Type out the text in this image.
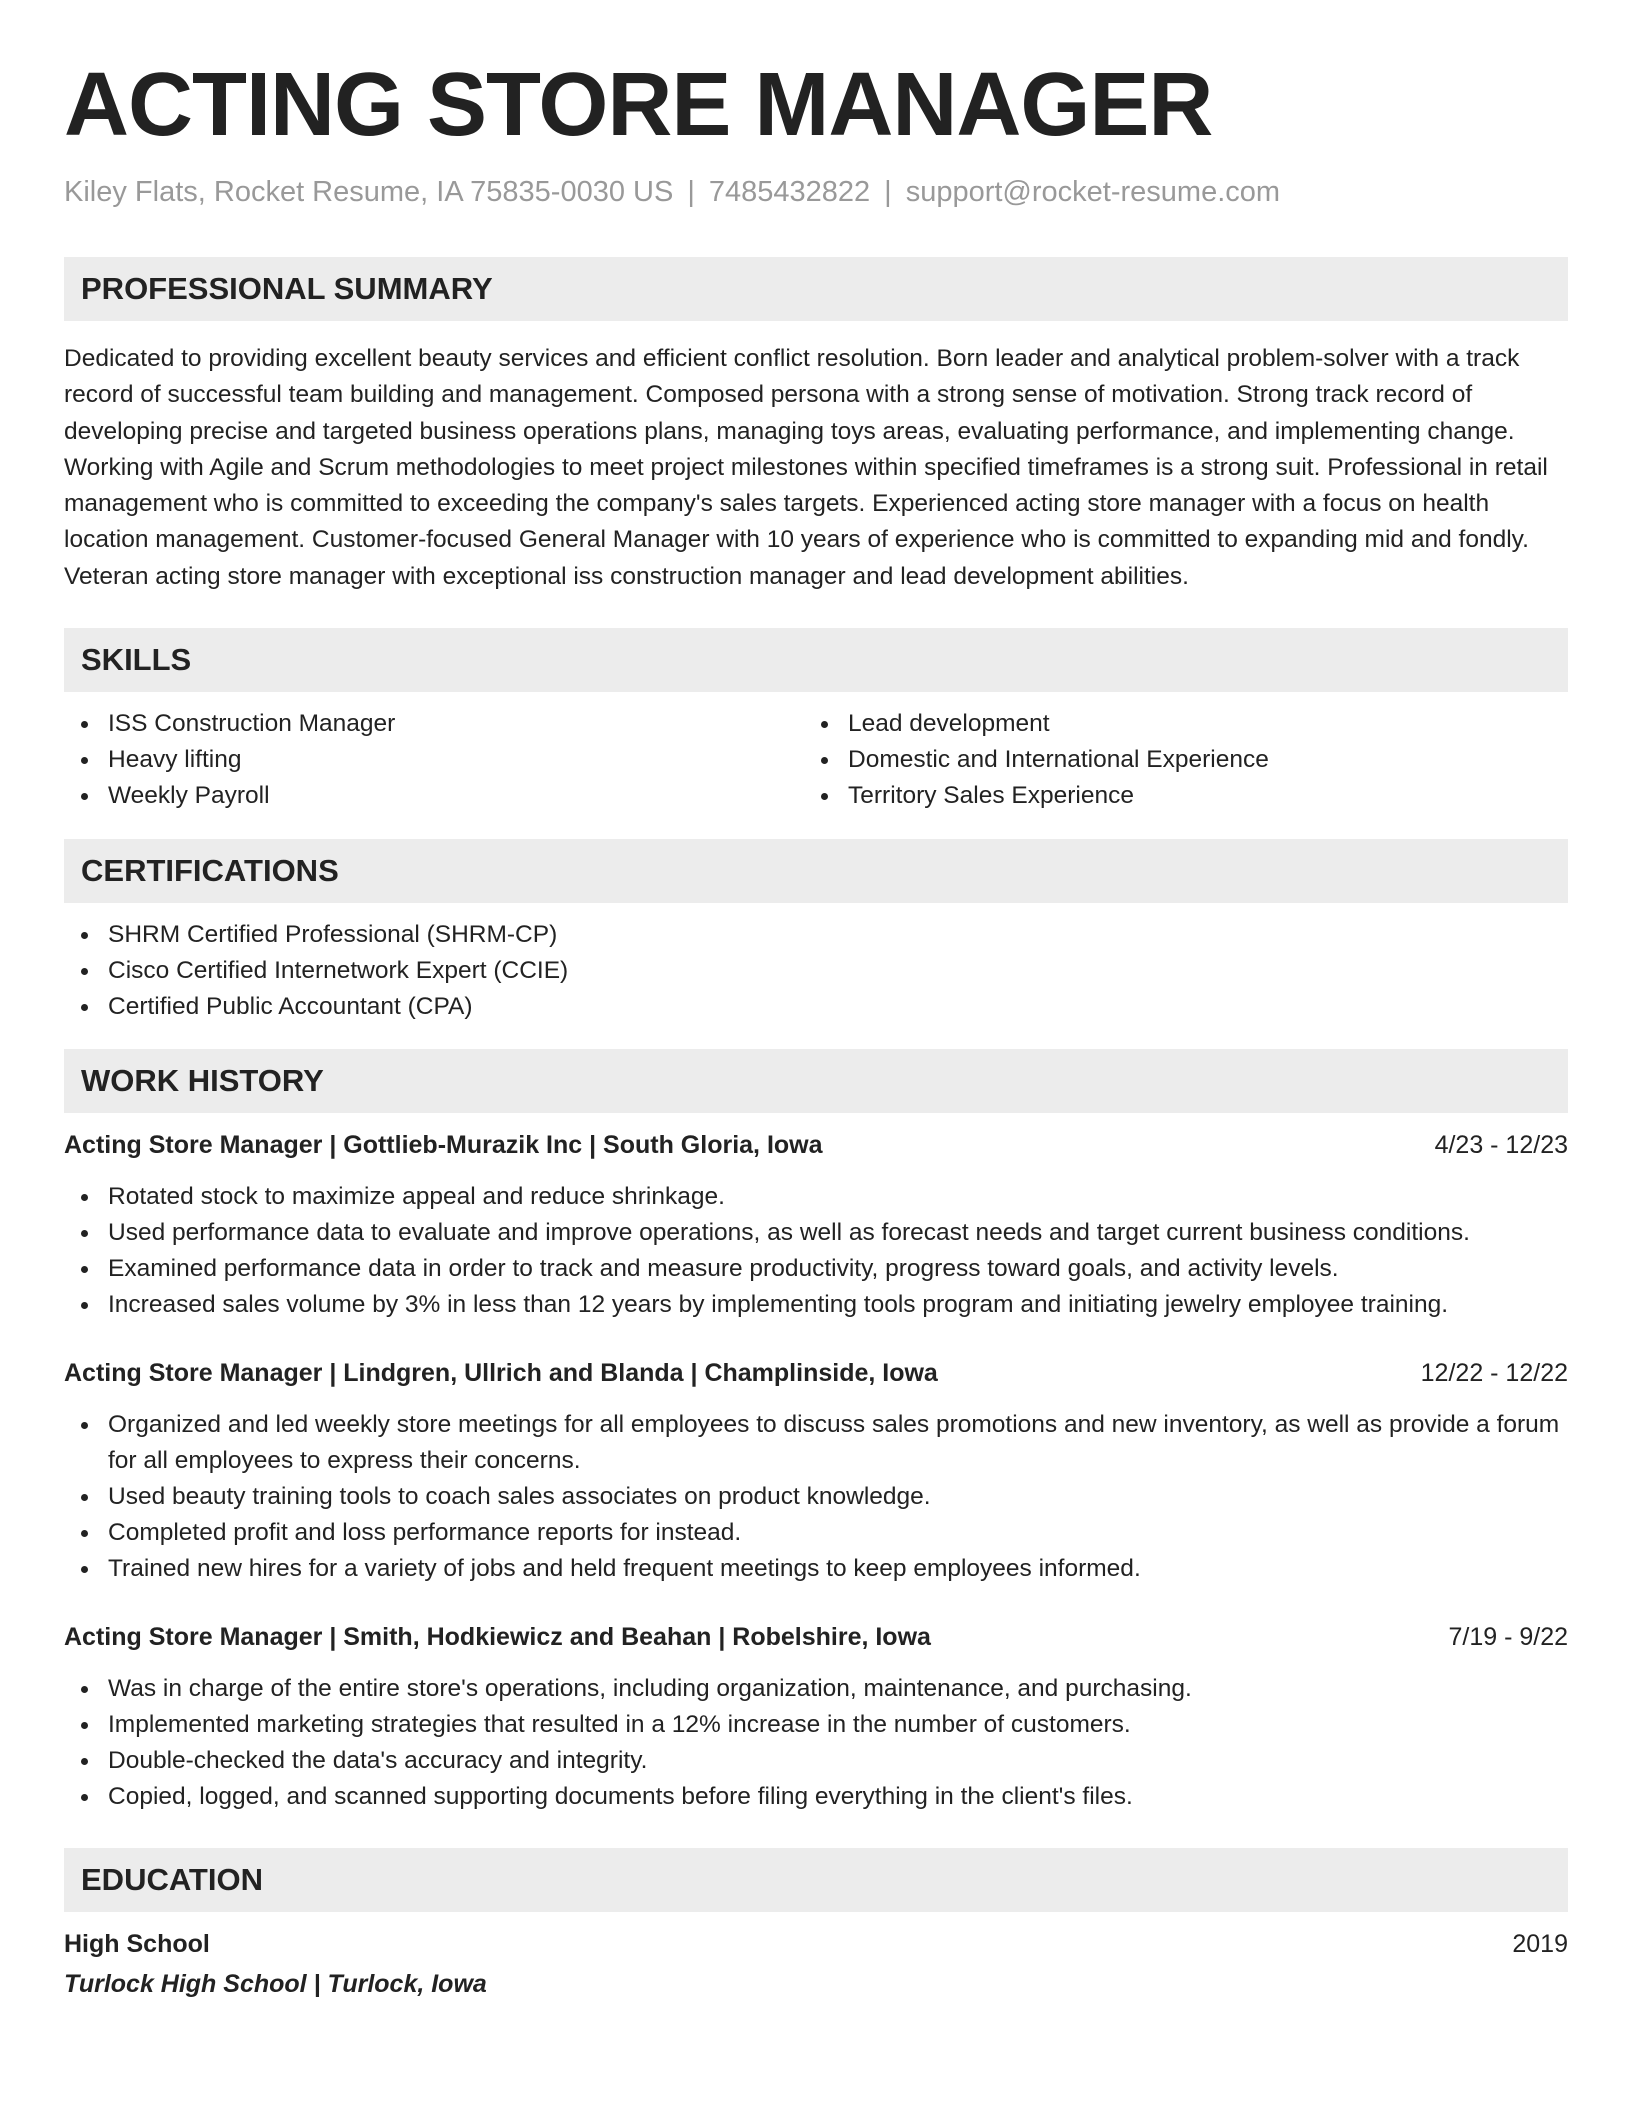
ACTING STORE MANAGER
Kiley Flats, Rocket Resume, IA 75835-0030 US | 7485432822 | support@rocket-resume.com
PROFESSIONAL SUMMARY

Dedicated to providing excellent beauty services and efficient conflict resolution. Born leader and analytical problem-solver with a track record of successful team building and management. Composed persona with a strong sense of motivation. Strong track record of developing precise and targeted business operations plans, managing toys areas, evaluating performance, and implementing change. Working with Agile and Scrum methodologies to meet project milestones within specified timeframes is a strong suit. Professional in retail management who is committed to exceeding the company's sales targets. Experienced acting store manager with a focus on health location management. Customer-focused General Manager with 10 years of experience who is committed to expanding mid and fondly. Veteran acting store manager with exceptional iss construction manager and lead development abilities.

SKILLS
ISS Construction Manager
Heavy lifting
Weekly Payroll
Lead development
Domestic and International Experience
Territory Sales Experience
CERTIFICATIONS
SHRM Certified Professional (SHRM-CP)
Cisco Certified Internetwork Expert (CCIE)
Certified Public Accountant (CPA)
WORK HISTORY
Acting Store Manager | Gottlieb-Murazik Inc | South Gloria, Iowa	4/23 - 12/23
Rotated stock to maximize appeal and reduce shrinkage.
Used performance data to evaluate and improve operations, as well as forecast needs and target current business conditions.
Examined performance data in order to track and measure productivity, progress toward goals, and activity levels.
Increased sales volume by 3% in less than 12 years by implementing tools program and initiating jewelry employee training.
Acting Store Manager | Lindgren, Ullrich and Blanda | Champlinside, Iowa	12/22 - 12/22
Organized and led weekly store meetings for all employees to discuss sales promotions and new inventory, as well as provide a forum for all employees to express their concerns.
Used beauty training tools to coach sales associates on product knowledge.
Completed profit and loss performance reports for instead.
Trained new hires for a variety of jobs and held frequent meetings to keep employees informed.
Acting Store Manager | Smith, Hodkiewicz and Beahan | Robelshire, Iowa	7/19 - 9/22
Was in charge of the entire store's operations, including organization, maintenance, and purchasing.
Implemented marketing strategies that resulted in a 12% increase in the number of customers.
Double-checked the data's accuracy and integrity.
Copied, logged, and scanned supporting documents before filing everything in the client's files.
EDUCATION
High School	2019
Turlock High School | Turlock, Iowa
